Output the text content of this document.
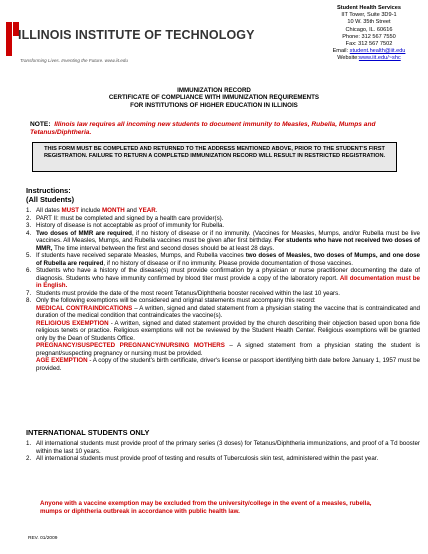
ILLINOIS INSTITUTE OF TECHNOLOGY
Transforming Lives. Inventing the Future. www.iit.edu
Student Health Services
IIT Tower, Suite 3D9-1
10 W. 35th Street
Chicago, IL. 60616
Phone: 312 567 7550
Fax: 312 567 7502
Email: student.health@iit.edu
Website:www.iit.edu/~shc
IMMUNIZATION RECORD
CERTIFICATE OF COMPLIANCE WITH IMMUNIZATION REQUIREMENTS
FOR INSTITUTIONS OF HIGHER EDUCATION IN ILLINOIS
NOTE: Illinois law requires all incoming new students to document immunity to Measles, Rubella, Mumps and Tetanus/Diphtheria.
THIS FORM MUST BE COMPLETED AND RETURNED TO THE ADDRESS MENTIONED ABOVE, PRIOR TO THE STUDENT'S FIRST REGISTRATION. FAILURE TO RETURN A COMPLETED IMMUNIZATION RECORD WILL RESULT IN RESTRICTED REGISTRATION.
Instructions:
(All Students)
1. All dates MUST include MONTH and YEAR.
2. PART II: must be completed and signed by a health care provider(s).
3. History of disease is not acceptable as proof of immunity for Rubella.
4. Two doses of MMR are required, if no history of disease or if no immunity. (Vaccines for Measles, Mumps, and/or Rubella must be live vaccines. All Measles, Mumps, and Rubella vaccines must be given after first birthday. For students who have not received two doses of MMR, The time interval between the first and second doses should be at least 28 days.
5. If students have received separate Measles, Mumps, and Rubella vaccines two doses of Measles, two doses of Mumps, and one dose of Rubella are required, if no history of disease or if no immunity. Please provide documentation of those vaccines.
6. Students who have a history of the disease(s) must provide confirmation by a physician or nurse practitioner documenting the date of diagnosis. Students who have immunity confirmed by blood titer must provide a copy of the laboratory report. All documentation must be in English.
7. Students must provide the date of the most recent Tetanus/Diphtheria booster received within the last 10 years.
8. Only the following exemptions will be considered and original statements must accompany this record:
MEDICAL CONTRAINDICATIONS – A written, signed and dated statement from a physician stating the vaccine that is contraindicated and duration of the medical condition that contraindicates the vaccine(s).
RELIGIOUS EXEMPTION - A written, signed and dated statement provided by the church describing their objection based upon bona fide religious tenets or practice. Religious exemptions will not be reviewed by the Student Health Center. Religious exemptions will be granted only by the Dean of Students Office.
PREGNANCY/SUSPECTED PREGNANCY/NURSING MOTHERS – A signed statement from a physician stating the student is pregnant/suspecting pregnancy or nursing must be provided.
AGE EXEMPTION - A copy of the student's birth certificate, driver's license or passport identifying birth date before January 1, 1957 must be provided.
INTERNATIONAL STUDENTS ONLY
1. All international students must provide proof of the primary series (3 doses) for Tetanus/Diphtheria immunizations, and proof of a Td booster within the last 10 years.
2. All international students must provide proof of testing and results of Tuberculosis skin test, administered within the past year.
Anyone with a vaccine exemption may be excluded from the university/college in the event of a measles, rubella, mumps or diphtheria outbreak in accordance with public health law.
REV. 01/2009
